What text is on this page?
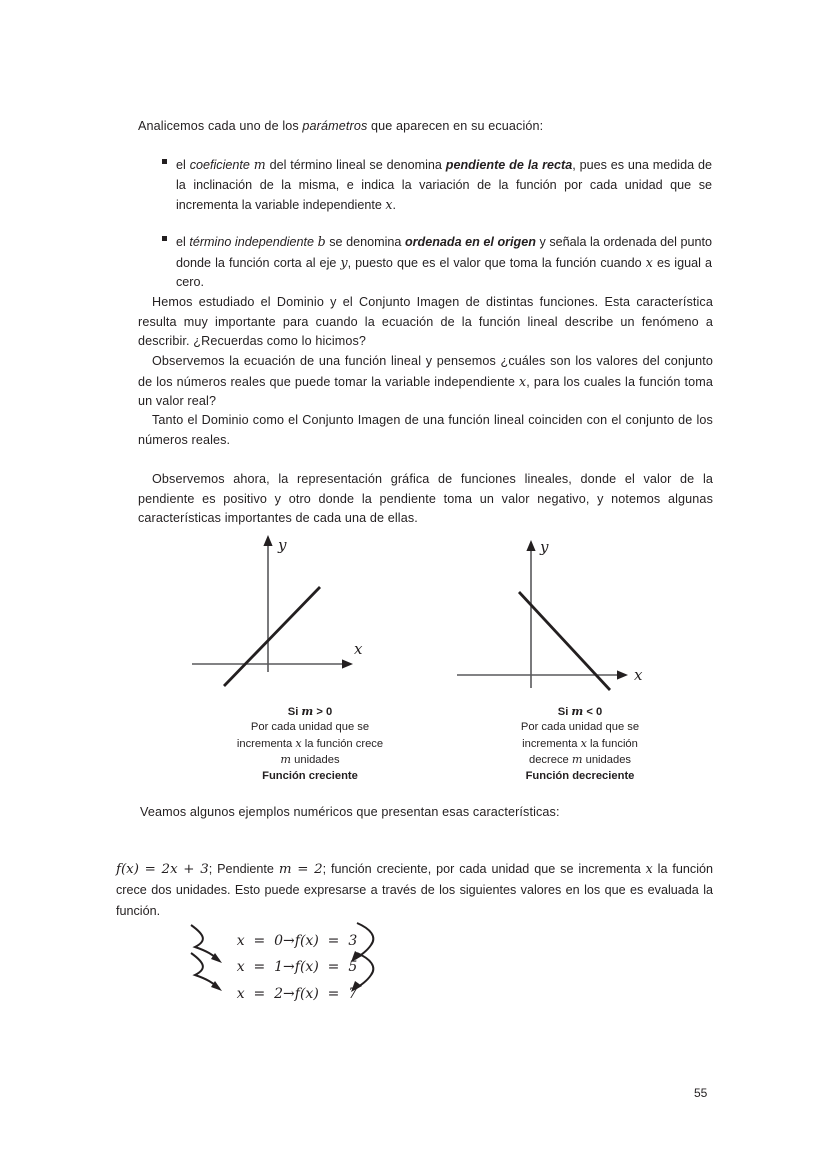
Analicemos cada uno de los parámetros que aparecen en su ecuación:
el coeficiente m del término lineal se denomina pendiente de la recta, pues es una medida de la inclinación de la misma, e indica la variación de la función por cada unidad que se incrementa la variable independiente x.
el término independiente b se denomina ordenada en el origen y señala la ordenada del punto donde la función corta al eje y, puesto que es el valor que toma la función cuando x es igual a cero.
Hemos estudiado el Dominio y el Conjunto Imagen de distintas funciones. Esta característica resulta muy importante para cuando la ecuación de la función lineal describe un fenómeno a describir. ¿Recuerdas como lo hicimos?
Observemos la ecuación de una función lineal y pensemos ¿cuáles son los valores del conjunto de los números reales que puede tomar la variable independiente x, para los cuales la función toma un valor real?
Tanto el Dominio como el Conjunto Imagen de una función lineal coinciden con el conjunto de los números reales.
Observemos ahora, la representación gráfica de funciones lineales, donde el valor de la pendiente es positivo y otro donde la pendiente toma un valor negativo, y notemos algunas características importantes de cada una de ellas.
y
x
Si m > 0
Por cada unidad que se
incrementa x la función crece
m unidades
Función creciente
y
x
Si m < 0
Por cada unidad que se
incrementa x la función
decrece m unidades
Función decreciente
Veamos algunos ejemplos numéricos que presentan esas características:
f(x) = 2x + 3; Pendiente m = 2; función creciente, por cada unidad que se incrementa x la función crece dos unidades. Esto puede expresarse a través de los siguientes valores en los que es evaluada la función.

x  =  0→f(x)  =  3

x  =  1→f(x)  =  5

x  =  2→f(x)  =  7

55
